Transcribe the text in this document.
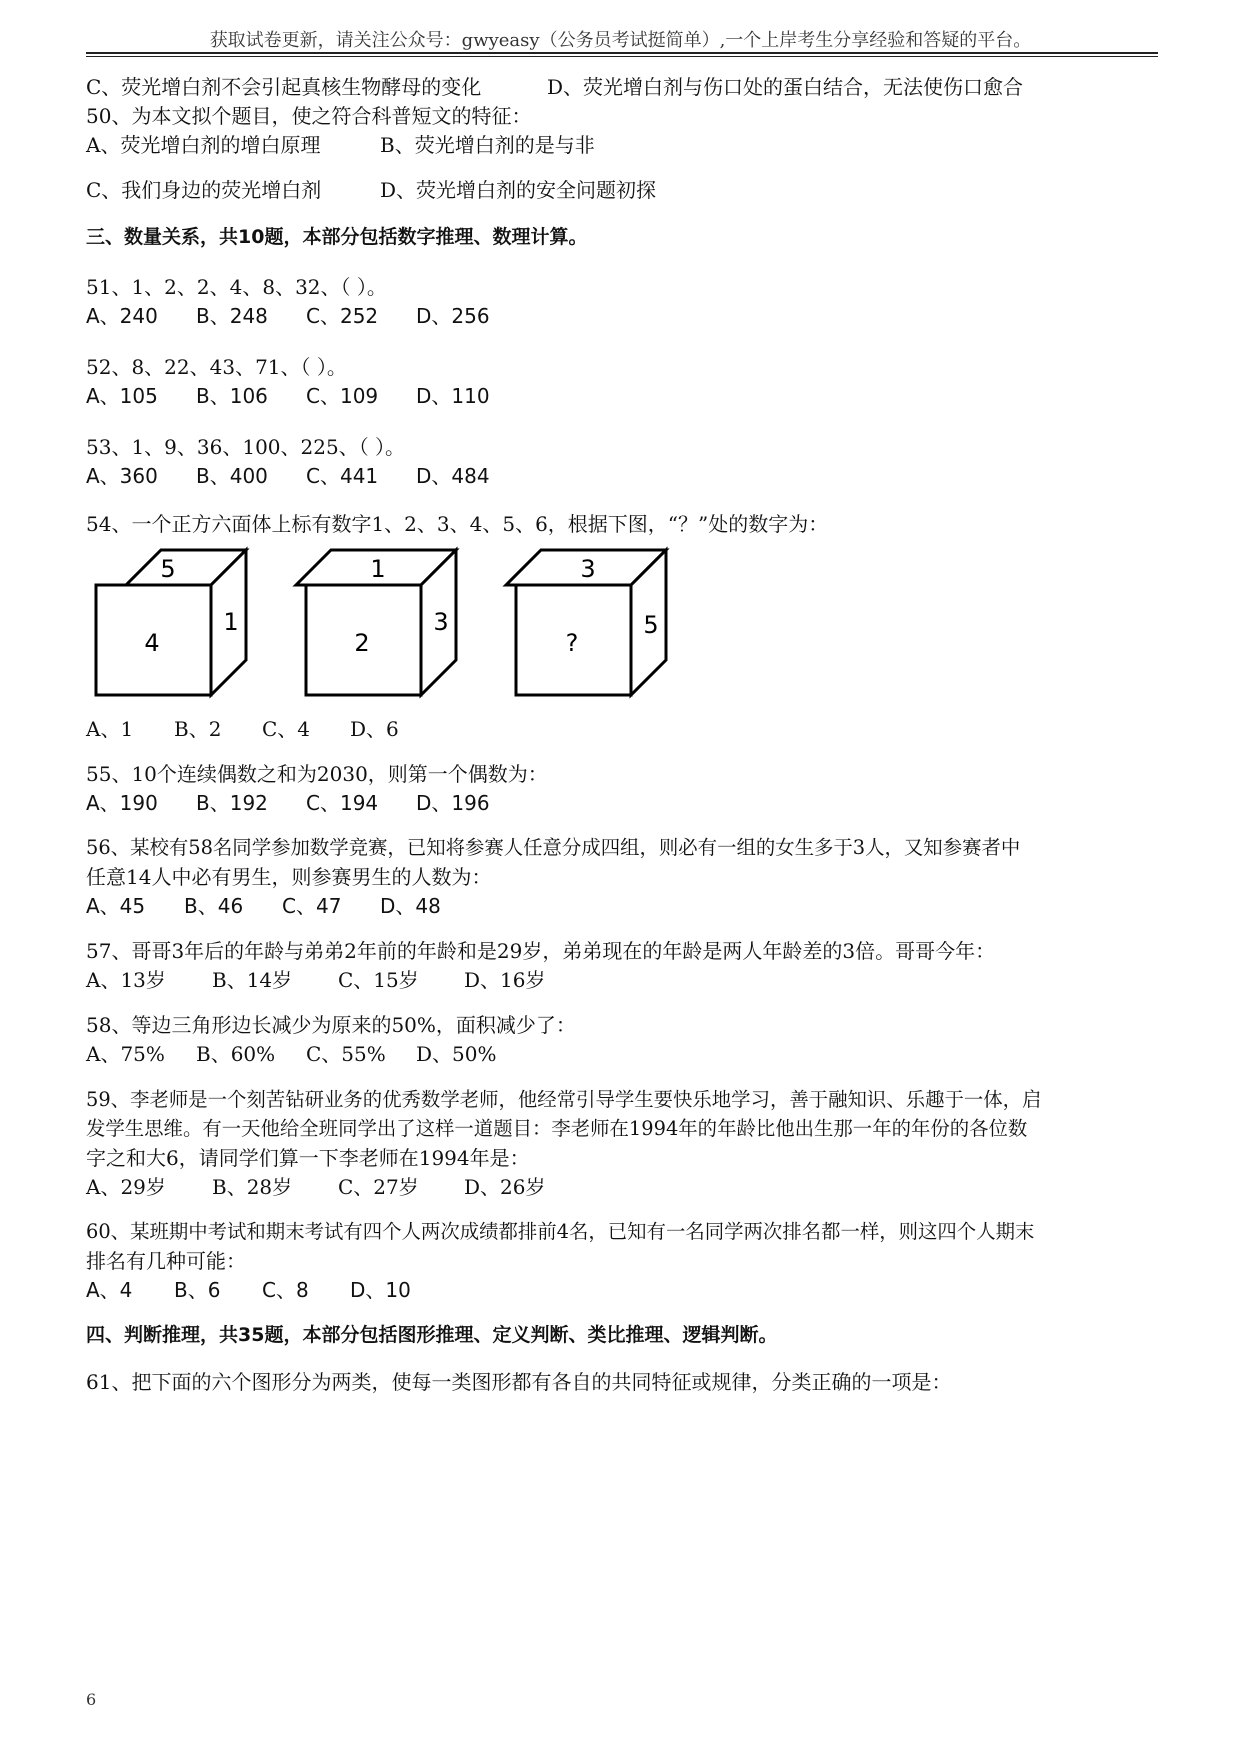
获取试卷更新，请关注公众号：gwyeasy（公务员考试挺简单）,一个上岸考生分享经验和答疑的平台。
C、荧光增白剂不会引起真核生物酵母的变化	D、荧光增白剂与伤口处的蛋白结合，无法使伤口愈合
50、为本文拟个题目，使之符合科普短文的特征：
A、荧光增白剂的增白原理	B、荧光增白剂的是与非
C、我们身边的荧光增白剂	D、荧光增白剂的安全问题初探
三、数量关系，共10题，本部分包括数字推理、数理计算。
51、1、2、2、4、8、32、（ ）。
A、240 B、248 C、252 D、256
52、8、22、43、71、（ ）。
A、105 B、106 C、109 D、110
53、1、9、36、100、225、（ ）。
A、360 B、400 C、441 D、484
54、一个正方六面体上标有数字1、2、3、4、5、6，根据下图，“？”处的数字为：
5
4
1
1
2
3
3
?
5
A、1 B、2 C、4 D、6
55、10个连续偶数之和为2030，则第一个偶数为：
A、190 B、192 C、194 D、196
56、某校有58名同学参加数学竞赛，已知将参赛人任意分成四组，则必有一组的女生多于3人，又知参赛者中
任意14人中必有男生，则参赛男生的人数为：
A、45 B、46 C、47 D、48
57、哥哥3年后的年龄与弟弟2年前的年龄和是29岁，弟弟现在的年龄是两人年龄差的3倍。哥哥今年：
A、13岁 B、14岁 C、15岁 D、16岁
58、等边三角形边长减少为原来的50%，面积减少了：
A、75% B、60% C、55% D、50%
59、李老师是一个刻苦钻研业务的优秀数学老师，他经常引导学生要快乐地学习，善于融知识、乐趣于一体，启
发学生思维。有一天他给全班同学出了这样一道题目：李老师在1994年的年龄比他出生那一年的年份的各位数
字之和大6，请同学们算一下李老师在1994年是：
A、29岁 B、28岁 C、27岁 D、26岁
60、某班期中考试和期末考试有四个人两次成绩都排前4名，已知有一名同学两次排名都一样，则这四个人期末
排名有几种可能：
A、4 B、6 C、8 D、10
四、判断推理，共35题，本部分包括图形推理、定义判断、类比推理、逻辑判断。
61、把下面的六个图形分为两类，使每一类图形都有各自的共同特征或规律，分类正确的一项是：
6
